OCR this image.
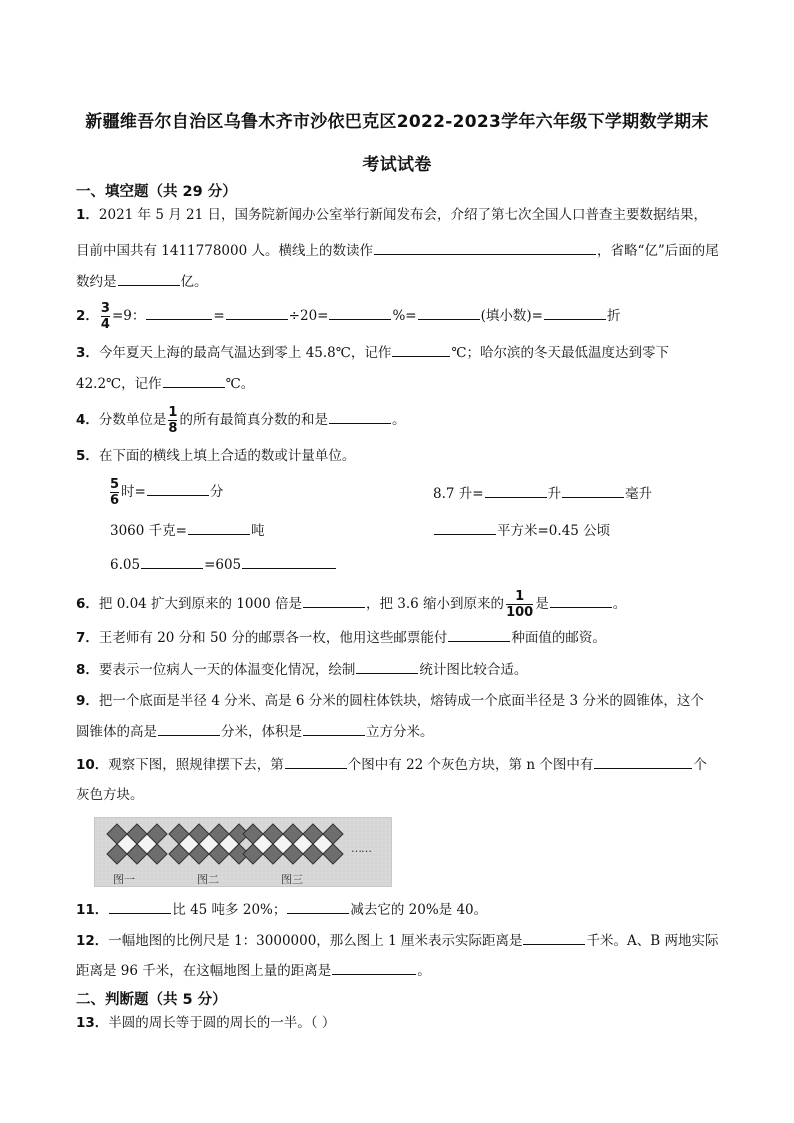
新疆维吾尔自治区乌鲁木齐市沙依巴克区2022-2023学年六年级下学期数学期末
考试试卷
一、填空题（共 29 分）
1．2021 年 5 月 21 日，国务院新闻办公室举行新闻发布会，介绍了第七次全国人口普查主要数据结果，
目前中国共有 1411778000 人。横线上的数读作	，省略“亿”后面的尾
数约是	亿。
2． $\frac{3}{4} =9$：	=	÷20=	%=	(填小数)=	折
3．今年夏天上海的最高气温达到零上 45.8℃，记作	℃；哈尔滨的冬天最低温度达到零下
42.2℃，记作	℃。
4．分数单位是 $\frac{1}{8}$ 的所有最简真分数的和是	。
5．在下面的横线上填上合适的数或计量单位。
$\frac{5}{6}$ 时=	分	8.7 升=	升	毫升
3060 千克=	吨	平方米=0.45 公顷
6.05	=605
6．把 0.04 扩大到原来的 1000 倍是	，把 3.6 缩小到原来的 $\frac{1}{100}$ 是	。
7．王老师有 20 分和 50 分的邮票各一枚，他用这些邮票能付	种面值的邮资。
8．要表示一位病人一天的体温变化情况，绘制	统计图比较合适。
9．把一个底面是半径 4 分米、高是 6 分米的圆柱体铁块，熔铸成一个底面半径是 3 分米的圆锥体，这个
圆锥体的高是	分米，体积是	立方分米。
10．观察下图，照规律摆下去，第	个图中有 22 个灰色方块，第 n 个图中有	个
灰色方块。
图一	图二	图三
……
11．	比 45 吨多 20%；	减去它的 20%是 40。
12．一幅地图的比例尺是 1：3000000，那么图上 1 厘米表示实际距离是	千米。A、B 两地实际
距离是 96 千米，在这幅地图上量的距离是	。
二、判断题（共 5 分）
13．半圆的周长等于圆的周长的一半。（ ）
